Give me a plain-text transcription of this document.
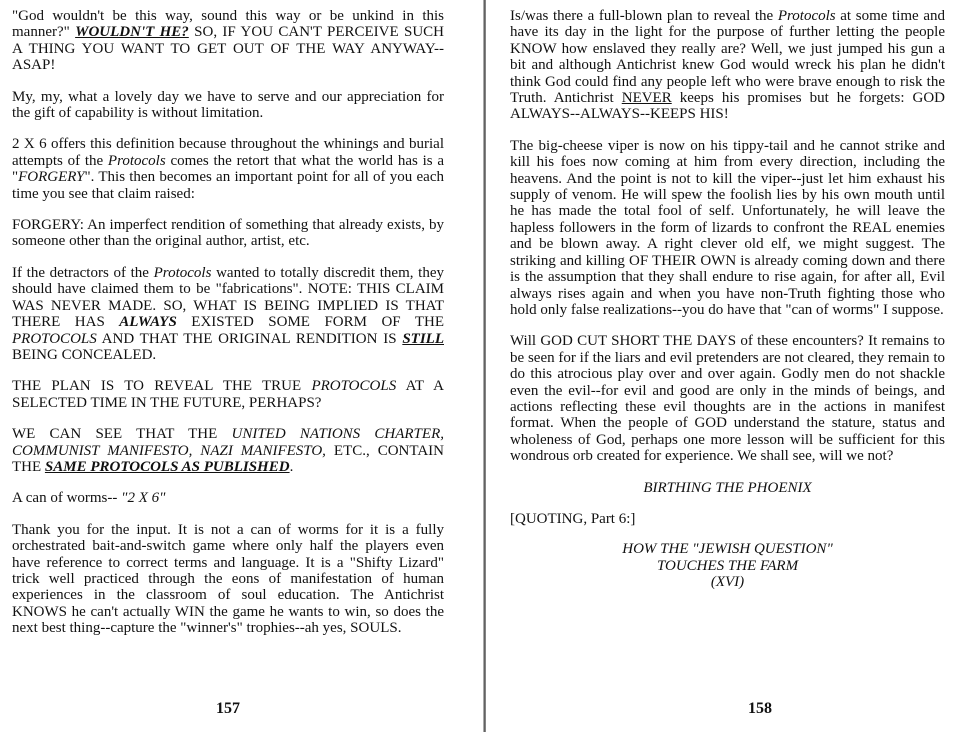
"God wouldn't be this way, sound this way or be unkind in this manner?" WOULDN'T HE? SO, IF YOU CAN'T PERCEIVE SUCH A THING YOU WANT TO GET OUT OF THE WAY ANYWAY--ASAP!

My, my, what a lovely day we have to serve and our appreciation for the gift of capability is without limitation.

2 X 6 offers this definition because throughout the whinings and burial attempts of the Protocols comes the retort that what the world has is a "FORGERY". This then becomes an important point for all of you each time you see that claim raised:

FORGERY: An imperfect rendition of something that already exists, by someone other than the original author, artist, etc.

If the detractors of the Protocols wanted to totally discredit them, they should have claimed them to be "fabrications". NOTE: THIS CLAIM WAS NEVER MADE. SO, WHAT IS BEING IMPLIED IS THAT THERE HAS ALWAYS EXISTED SOME FORM OF THE PROTOCOLS AND THAT THE ORIGINAL RENDITION IS STILL BEING CONCEALED.

THE PLAN IS TO REVEAL THE TRUE PROTOCOLS AT A SELECTED TIME IN THE FUTURE, PERHAPS?

WE CAN SEE THAT THE UNITED NATIONS CHARTER, COMMUNIST MANIFESTO, NAZI MANIFESTO, ETC., CONTAIN THE SAME PROTOCOLS AS PUBLISHED.

A can of worms-- "2 X 6"

Thank you for the input. It is not a can of worms for it is a fully orchestrated bait-and-switch game where only half the players even have reference to correct terms and language. It is a "Shifty Lizard" trick well practiced through the eons of manifestation of human experiences in the classroom of soul education. The Antichrist KNOWS he can't actually WIN the game he wants to win, so does the next best thing--capture the "winner's" trophies--ah yes, SOULS.

157

Is/was there a full-blown plan to reveal the Protocols at some time and have its day in the light for the purpose of further letting the people KNOW how enslaved they really are? Well, we just jumped his gun a bit and although Antichrist knew God would wreck his plan he didn't think God could find any people left who were brave enough to risk the Truth. Antichrist NEVER keeps his promises but he forgets: GOD ALWAYS--ALWAYS--KEEPS HIS!

The big-cheese viper is now on his tippy-tail and he cannot strike and kill his foes now coming at him from every direction, including the heavens. And the point is not to kill the viper--just let him exhaust his supply of venom. He will spew the foolish lies by his own mouth until he has made the total fool of self. Unfortunately, he will leave the hapless followers in the form of lizards to confront the REAL enemies and be blown away. A right clever old elf, we might suggest. The striking and killing OF THEIR OWN is already coming down and there is the assumption that they shall endure to rise again, for after all, Evil always rises again and when you have non-Truth fighting those who hold only false realizations--you do have that "can of worms" I suppose.

Will GOD CUT SHORT THE DAYS of these encounters? It remains to be seen for if the liars and evil pretenders are not cleared, they remain to do this atrocious play over and over again. Godly men do not shackle even the evil--for evil and good are only in the minds of beings, and actions reflecting these evil thoughts are in the actions in manifest format. When the people of GOD understand the stature, status and wholeness of God, perhaps one more lesson will be sufficient for this wondrous orb created for experience. We shall see, will we not?

BIRTHING THE PHOENIX

[QUOTING, Part 6:]

HOW THE "JEWISH QUESTION"

TOUCHES THE FARM

(XVI)

158
